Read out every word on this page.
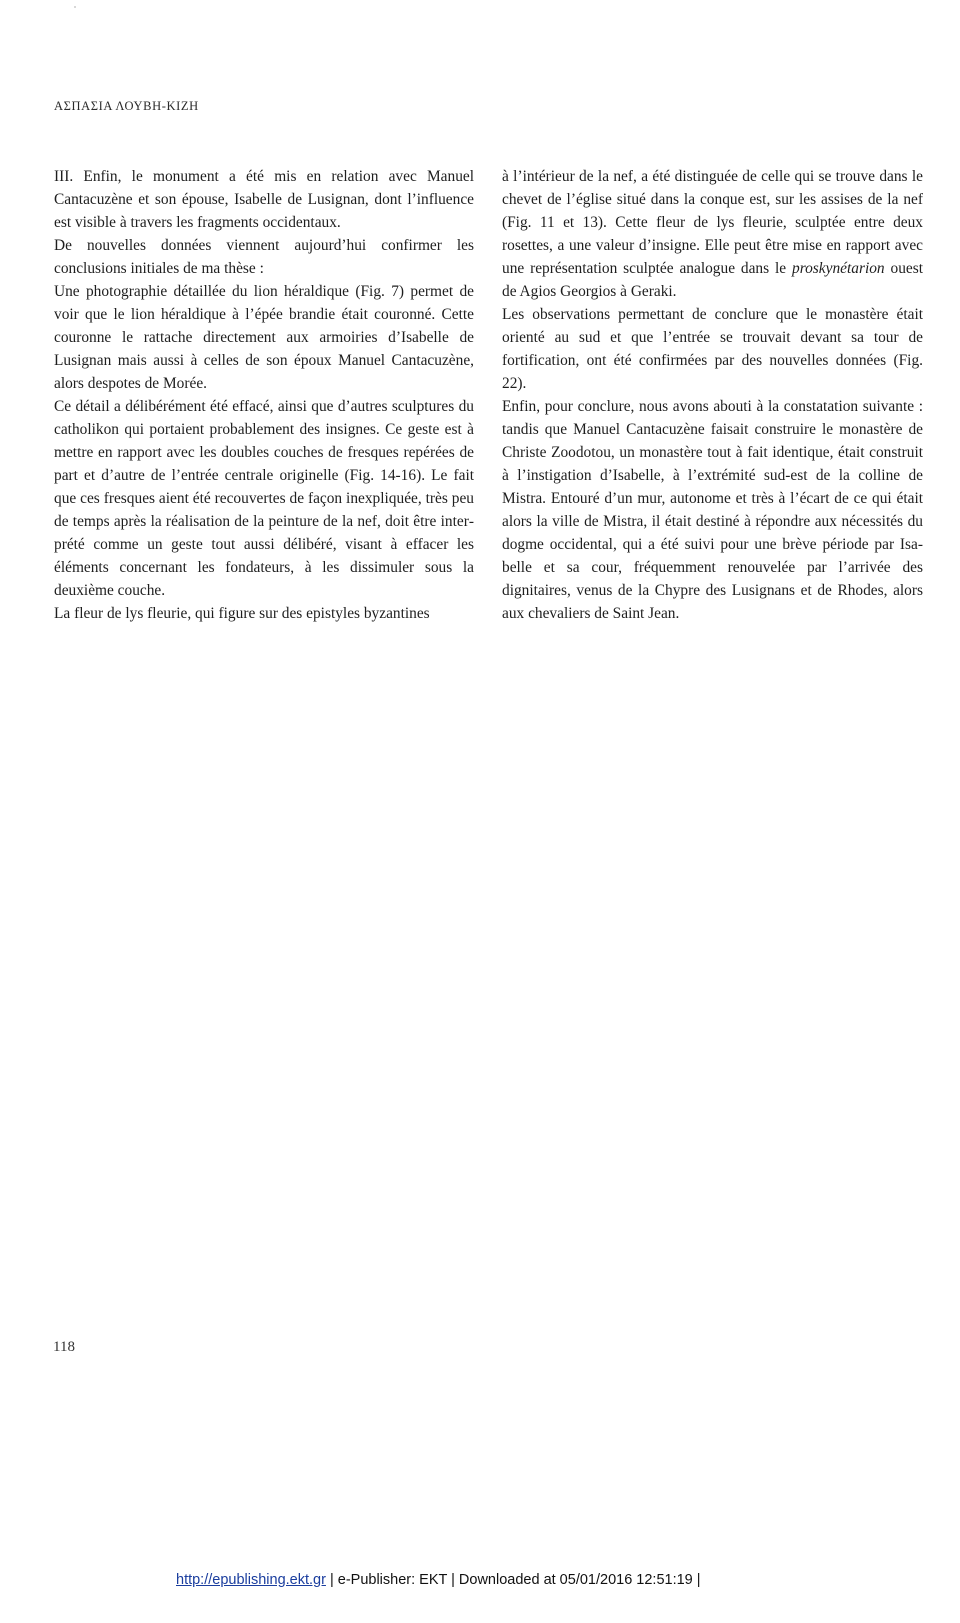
ΑΣΠΑΣΙΑ ΛΟΥΒΗ-ΚΙΖΗ

III. Enfin, le monument a été mis en relation avec Manuel Cantacuzène et son épouse, Isabelle de Lusignan, dont l’influence est visible à travers les fragments occidentaux.

De nouvelles données viennent aujourd’hui confirmer les conclusions initiales de ma thèse :

Une photographie détaillée du lion héraldique (Fig. 7) permet de voir que le lion héraldique à l’épée brandie était couronné. Cette couronne le rattache directement aux armoiries d’Isabelle de Lusignan mais aussi à celles de son époux Manuel Cantacuzène, alors despotes de Morée.

Ce détail a délibérément été effacé, ainsi que d’autres sculptures du catholikon qui portaient probablement des insignes. Ce geste est à mettre en rapport avec les doubles couches de fresques repérées de part et d’autre de l’entrée centrale originelle (Fig. 14-16). Le fait que ces fresques aient été recouvertes de façon inexpliquée, très peu de temps après la réalisation de la peinture de la nef, doit être interprété comme un geste tout aussi délibéré, visant à effacer les éléments concernant les fondateurs, à les dissimuler sous la deuxième couche.

La fleur de lys fleurie, qui figure sur des epistyles byzantines

à l’intérieur de la nef, a été distinguée de celle qui se trouve dans le chevet de l’église situé dans la conque est, sur les assises de la nef (Fig. 11 et 13). Cette fleur de lys fleurie, sculptée entre deux rosettes, a une valeur d’insigne. Elle peut être mise en rapport avec une représentation sculptée analogue dans le proskynétarion ouest de Agios Georgios à Geraki.

Les observations permettant de conclure que le monastère était orienté au sud et que l’entrée se trouvait devant sa tour de fortification, ont été confirmées par des nouvelles données (Fig. 22).

Enfin, pour conclure, nous avons abouti à la constatation suivante : tandis que Manuel Cantacuzène faisait construire le monastère de Christe Zoodotou, un monastère tout à fait identique, était construit à l’instigation d’Isabelle, à l’extrémité sud-est de la colline de Mistra. Entouré d’un mur, autonome et très à l’écart de ce qui était alors la ville de Mistra, il était destiné à répondre aux nécessités du dogme occidental, qui a été suivi pour une brève période par Isabelle et sa cour, fréquemment renouvelée par l’arrivée des dignitaires, venus de la Chypre des Lusignans et de Rhodes, alors aux chevaliers de Saint Jean.

118
http://epublishing.ekt.gr | e-Publisher: EKT | Downloaded at 05/01/2016 12:51:19 |
